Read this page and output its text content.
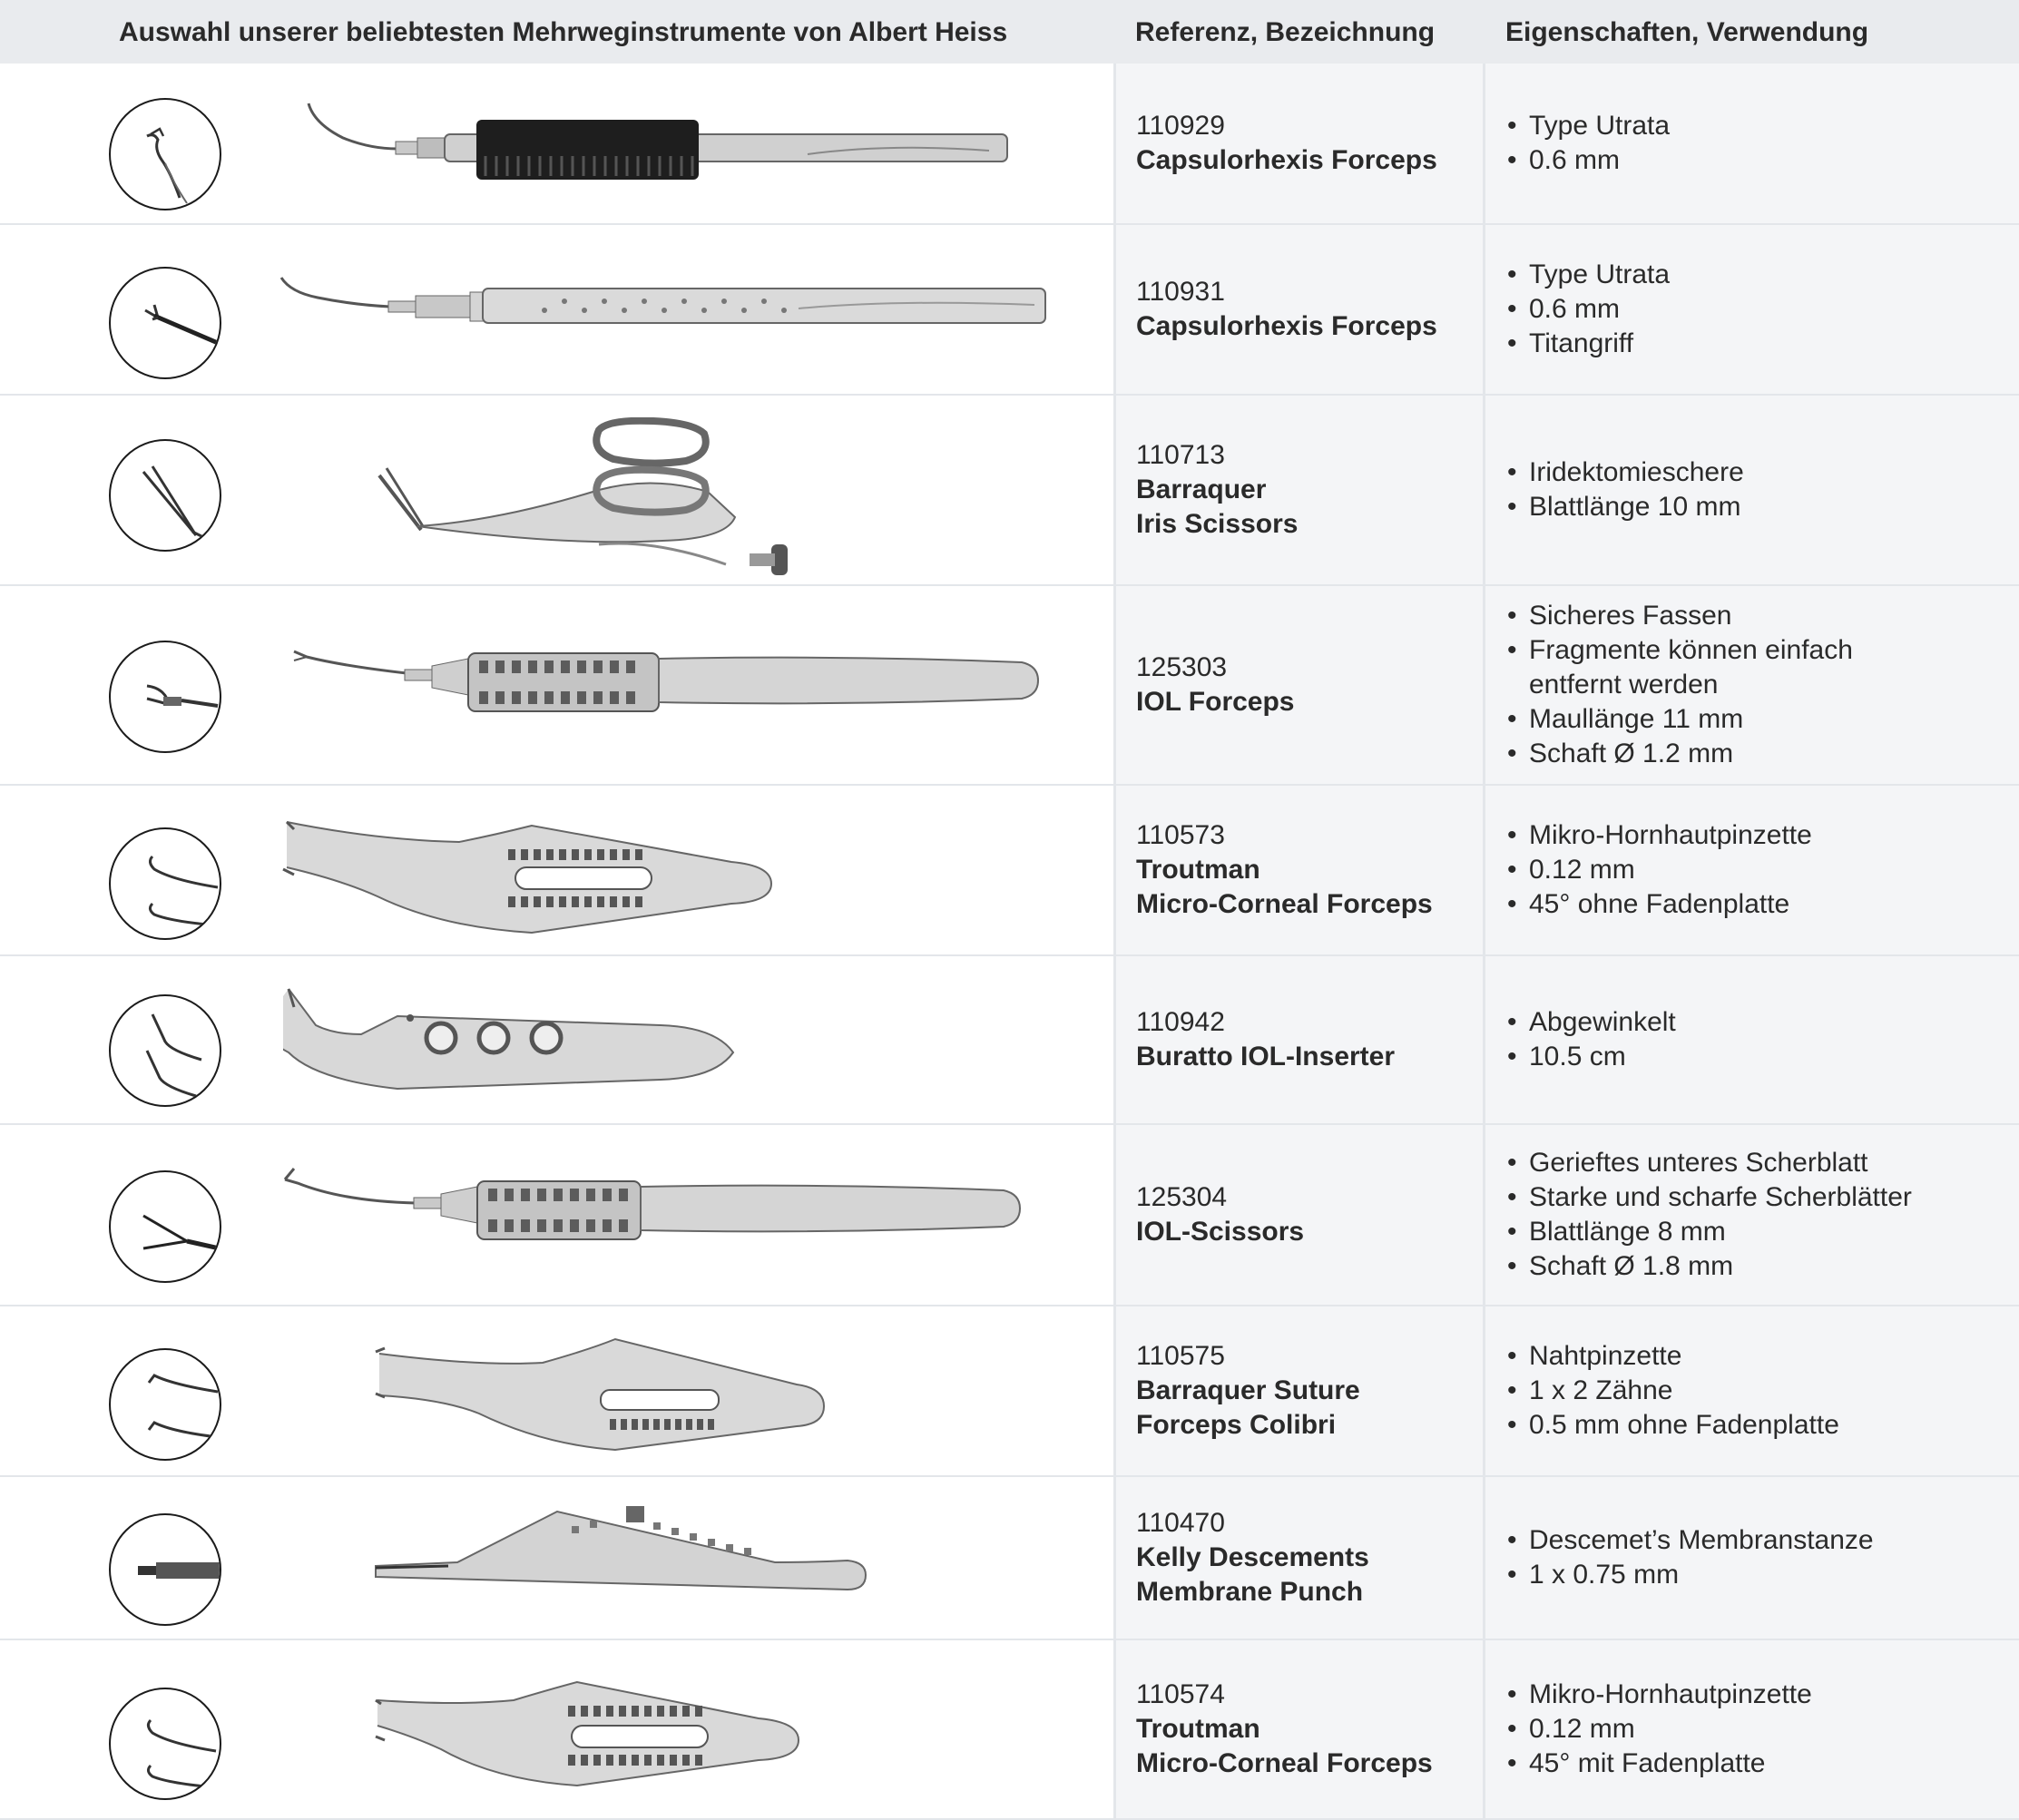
Auswahl unserer beliebtesten Mehrweginstrumente von Albert Heiss	Referenz, Bezeichnung	Eigenschaften, Verwendung
110929
Capsulorhexis Forceps
• Type Utrata
• 0.6 mm
110931
Capsulorhexis Forceps
• Type Utrata
• 0.6 mm
• Titangriff
110713
Barraquer
Iris Scissors
• Iridektomieschere
• Blattlänge 10 mm
125303
IOL Forceps
• Sicheres Fassen
• Fragmente können einfach entfernt werden
• Maullänge 11 mm
• Schaft Ø 1.2 mm
110573
Troutman
Micro-Corneal Forceps
• Mikro-Hornhautpinzette
• 0.12 mm
• 45° ohne Fadenplatte
110942
Buratto IOL-Inserter
• Abgewinkelt
• 10.5 cm
125304
IOL-Scissors
• Gerieftes unteres Scherblatt
• Starke und scharfe Scherblätter
• Blattlänge 8 mm
• Schaft Ø 1.8 mm
110575
Barraquer Suture
Forceps Colibri
• Nahtpinzette
• 1 x 2 Zähne
• 0.5 mm ohne Fadenplatte
110470
Kelly Descements
Membrane Punch
• Descemet’s Membranstanze
• 1 x 0.75 mm
110574
Troutman
Micro-Corneal Forceps
• Mikro-Hornhautpinzette
• 0.12 mm
• 45° mit Fadenplatte
